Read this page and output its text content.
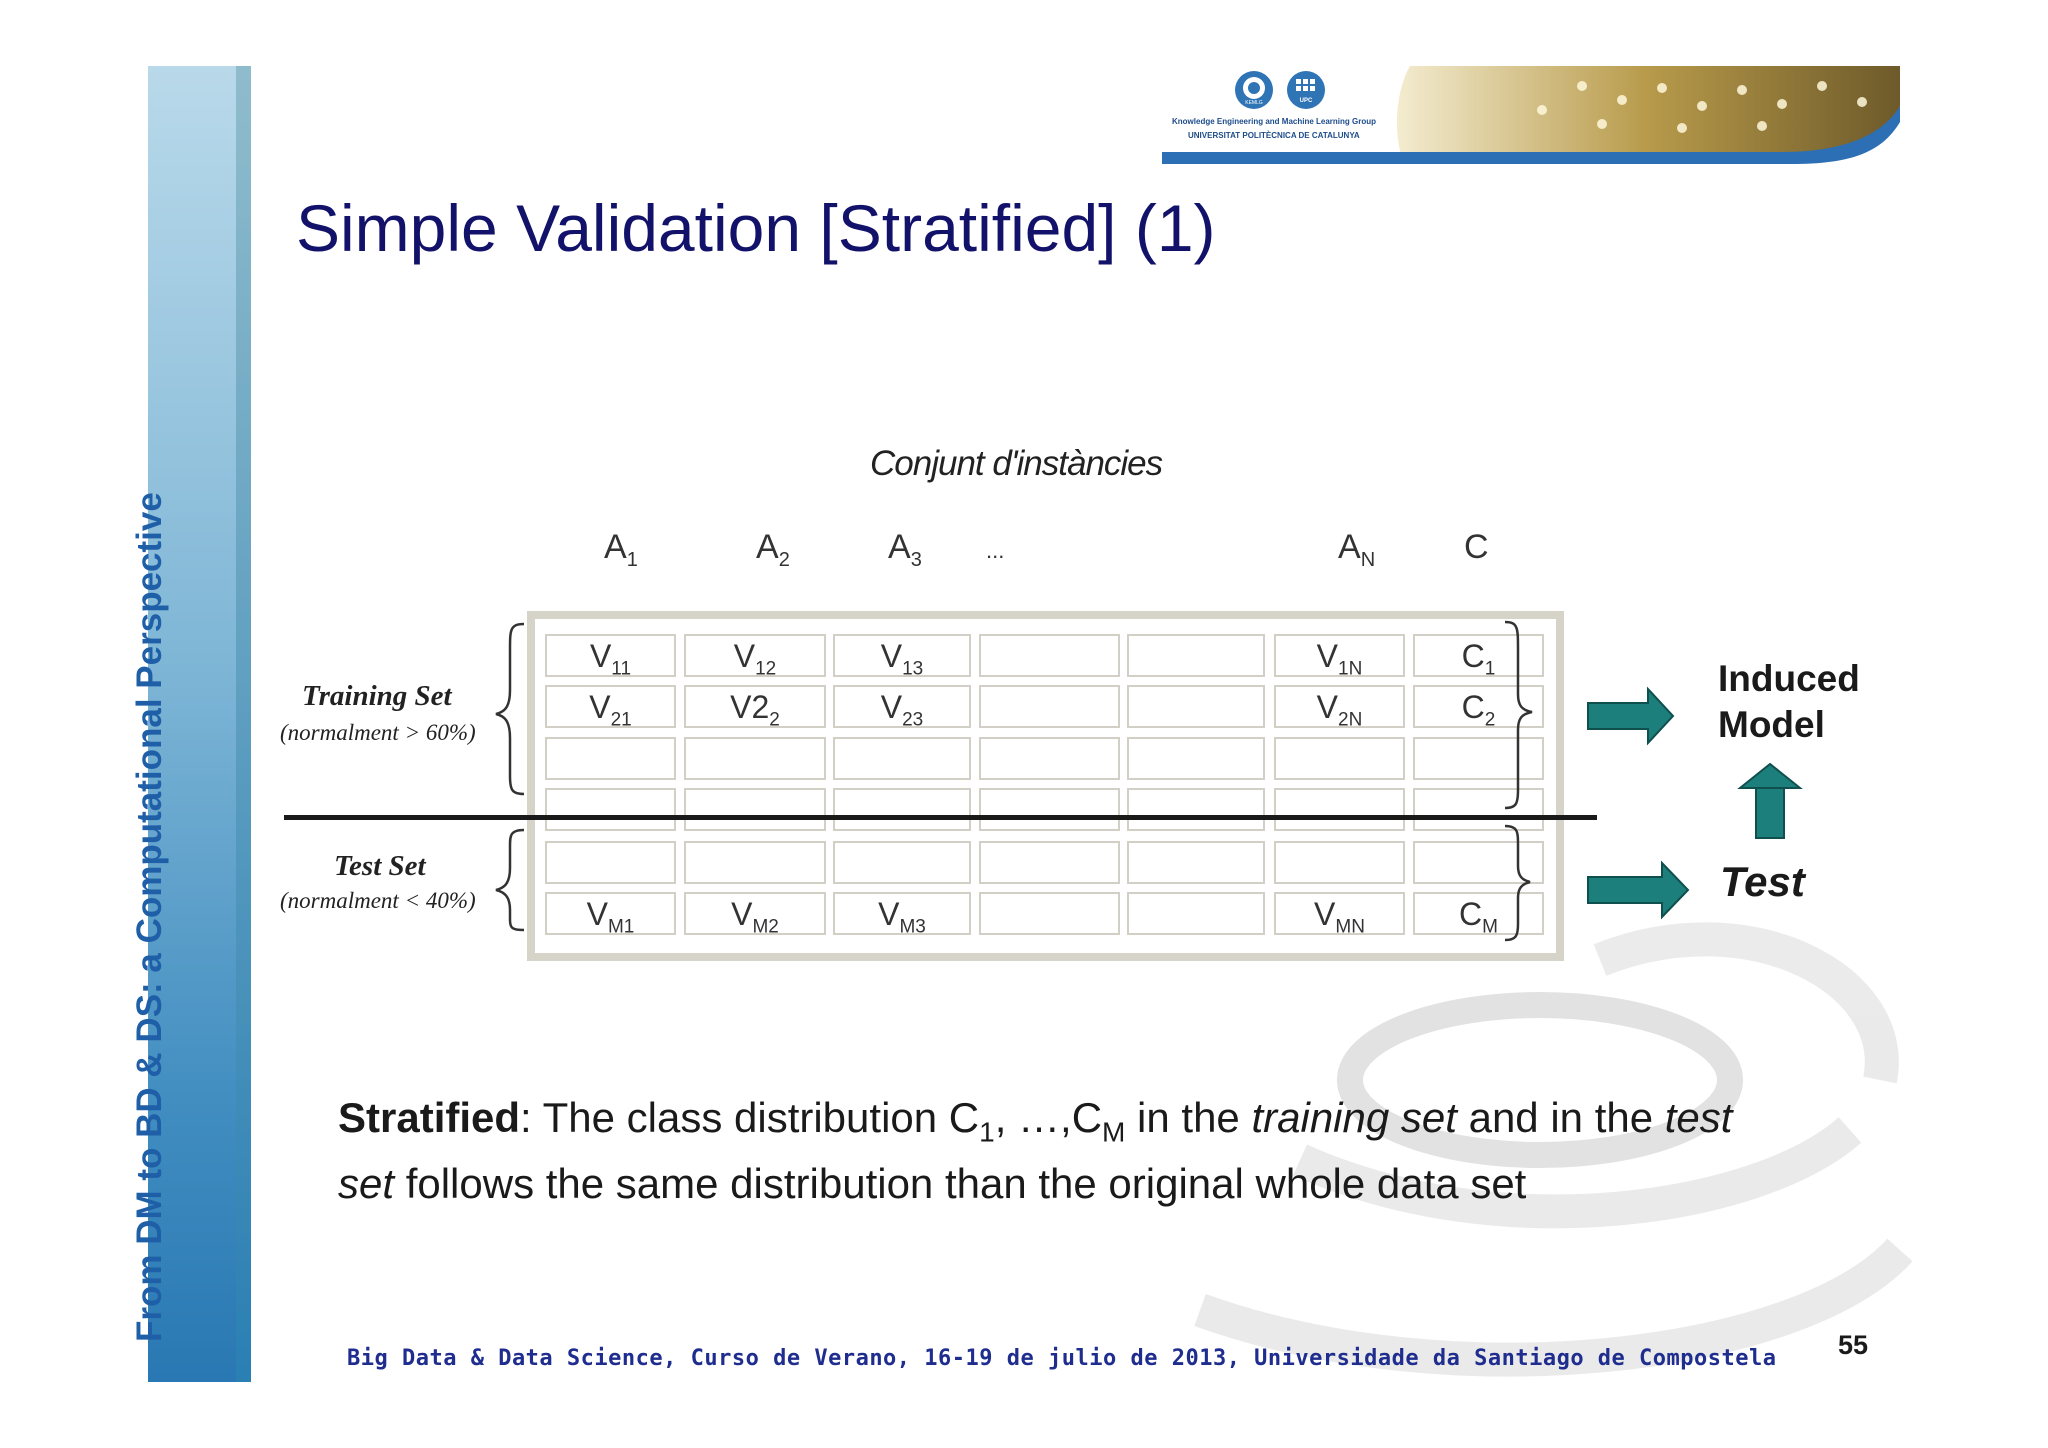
From DM to BD & DS: a Computational Perspective
KEMLG	UPC
Knowledge Engineering and Machine Learning Group
UNIVERSITAT POLITÈCNICA DE CATALUNYA
Simple Validation [Stratified] (1)
Conjunt d'instàncies
$A_1$	$A_2$	$A_3$	...	$A_N$	C
$V_{11}$	$V_{12}$	$V_{13}$	$V_{1N}$	$C_1$
$V_{21}$	$V2_2$	$V_{23}$	$V_{2N}$	$C_2$
$V_{M1}$	$V_{M2}$	$V_{M3}$	$V_{MN}$	$C_M$
Training Set
(normalment > 60%)
Test Set
(normalment < 40%)
Induced
Model
Test
Stratified: The class distribution $C_1$, $\dots,C_M$ in the training set and in the test set follows the same distribution than the original whole data set
Big Data & Data Science, Curso de Verano, 16-19 de julio de 2013, Universidade da Santiago de Compostela 55
